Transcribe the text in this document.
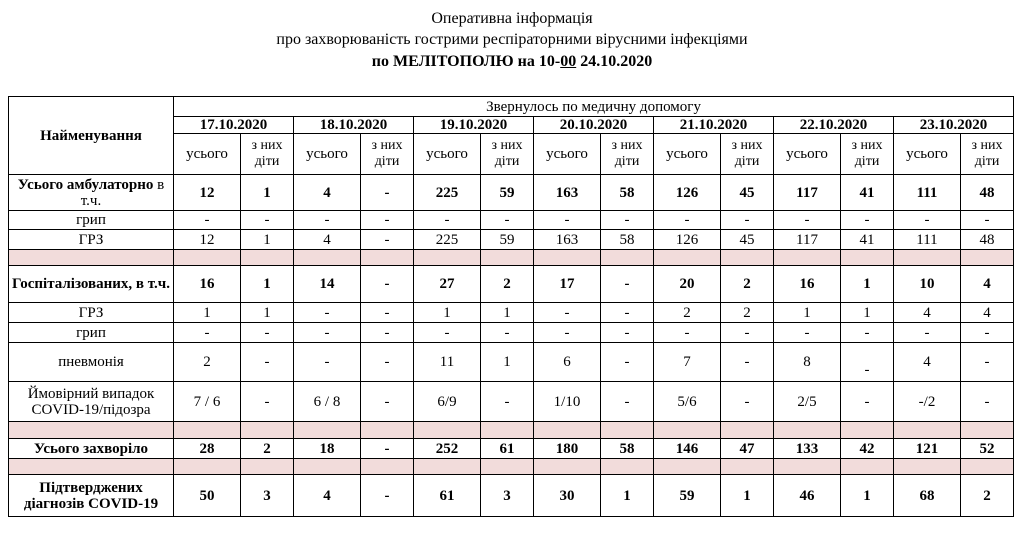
Оперативна інформація
про захворюваність гострими респіраторними вірусними інфекціями
по МЕЛІТОПОЛЮ на 10-00 24.10.2020
Найменування	Звернулось по медичну допомогу													
	17.10.2020		18.10.2020		19.10.2020		20.10.2020		21.10.2020		22.10.2020		23.10.2020	
	усього	з них діти	усього	з них діти	усього	з них діти	усього	з них діти	усього	з них діти	усього	з них діти	усього	з них діти
Усього амбулаторно в т.ч.	12	1	4	-	225	59	163	58	126	45	117	41	111	48
грип	-	-	-	-	-	-	-	-	-	-	-	-	-	-
ГРЗ	12	1	4	-	225	59	163	58	126	45	117	41	111	48

Госпіталізованих, в т.ч.	16	1	14	-	27	2	17	-	20	2	16	1	10	4
ГРЗ	1	1	-	-	1	1	-	-	2	2	1	1	4	4
грип	-	-	-	-	-	-	-	-	-	-	-	-	-	-
пневмонія	2	-	-	-	11	1	6	-	7	-	8	-	4	-
Ймовірний випадок COVID-19/підозра	7 / 6	-	6 / 8	-	6/9	-	1/10	-	5/6	-	2/5	-	-/2	-

Усього захворіло	28	2	18	-	252	61	180	58	146	47	133	42	121	52

Підтверджених діагнозів COVID-19	50	3	4	-	61	3	30	1	59	1	46	1	68	2
